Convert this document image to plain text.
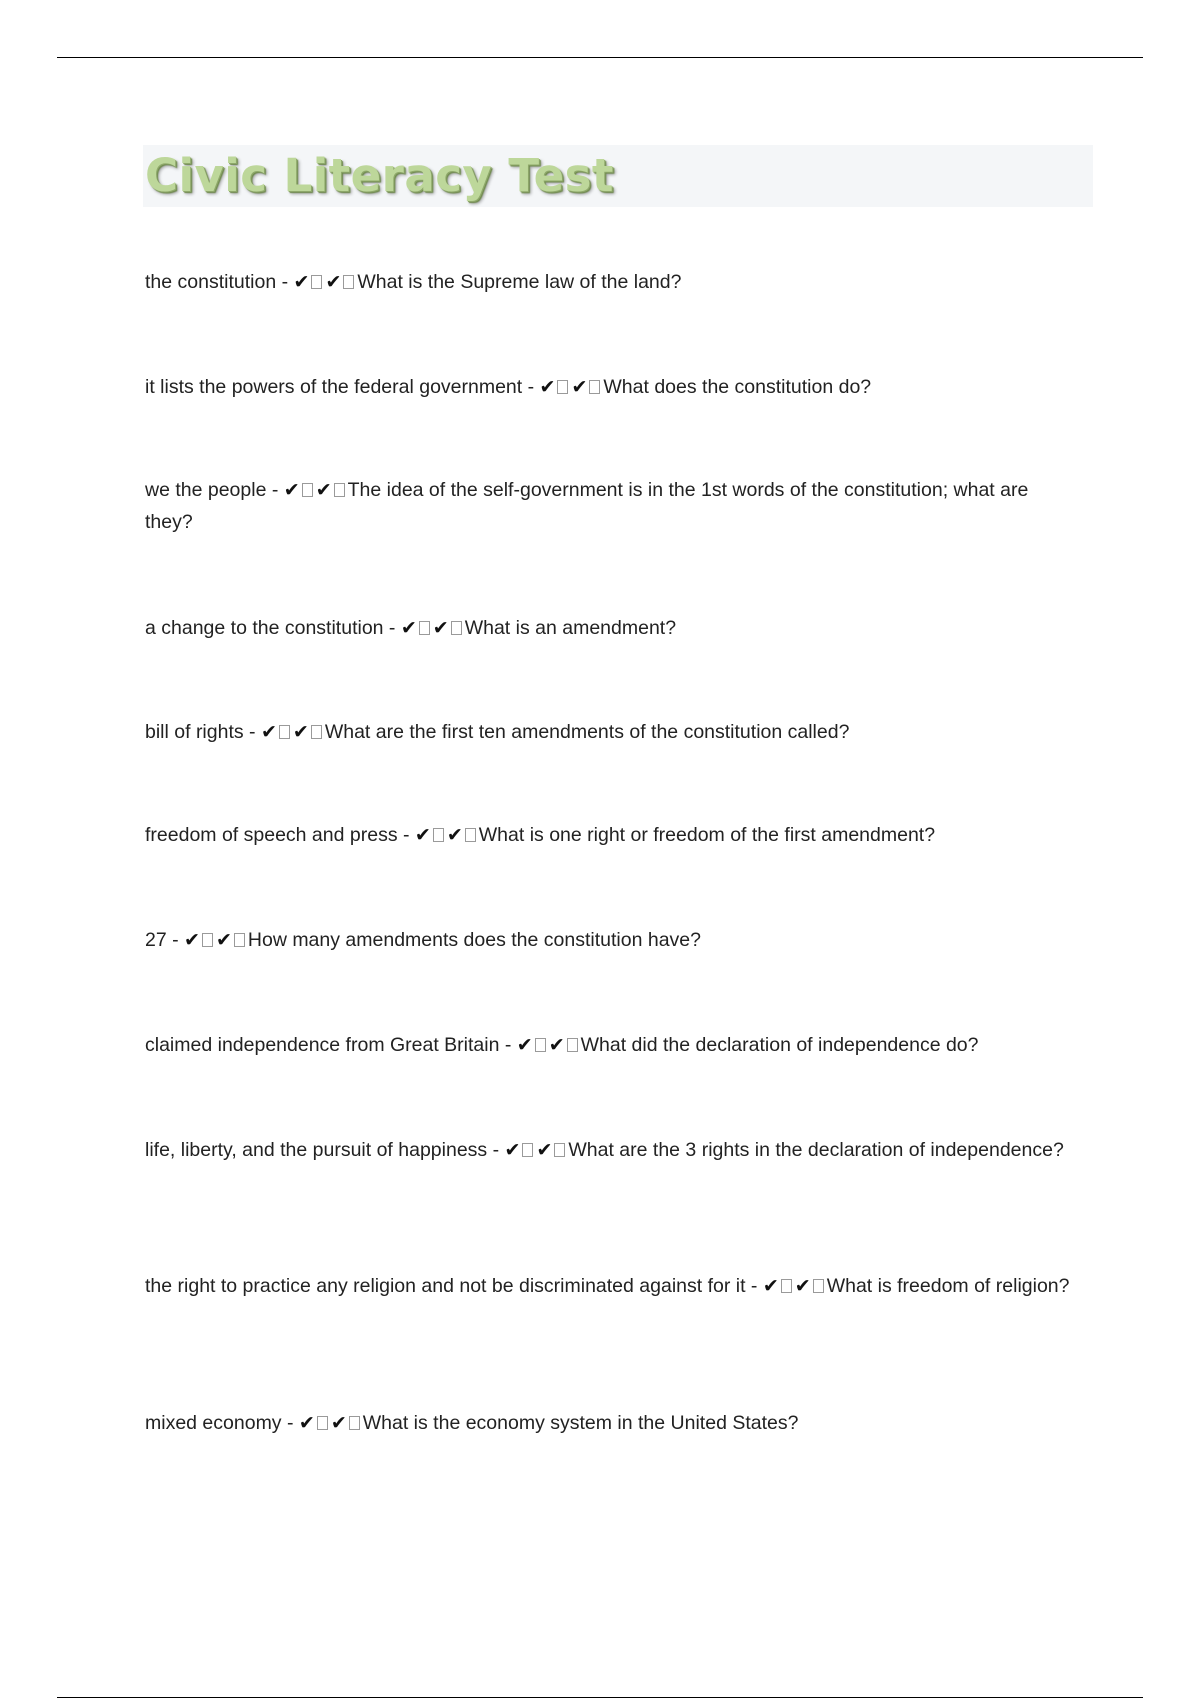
Civic Literacy Test

the constitution - ✔ ✔ What is the Supreme law of the land?

it lists the powers of the federal government - ✔ ✔ What does the constitution do?

we the people - ✔ ✔ The idea of the self-government is in the 1st words of the constitution; what are they?

a change to the constitution - ✔ ✔ What is an amendment?

bill of rights - ✔ ✔ What are the first ten amendments of the constitution called?

freedom of speech and press - ✔ ✔ What is one right or freedom of the first amendment?

27 - ✔ ✔ How many amendments does the constitution have?

claimed independence from Great Britain - ✔ ✔ What did the declaration of independence do?

life, liberty, and the pursuit of happiness - ✔ ✔ What are the 3 rights in the declaration of independence?

the right to practice any religion and not be discriminated against for it - ✔ ✔ What is freedom of religion?

mixed economy - ✔ ✔ What is the economy system in the United States?
